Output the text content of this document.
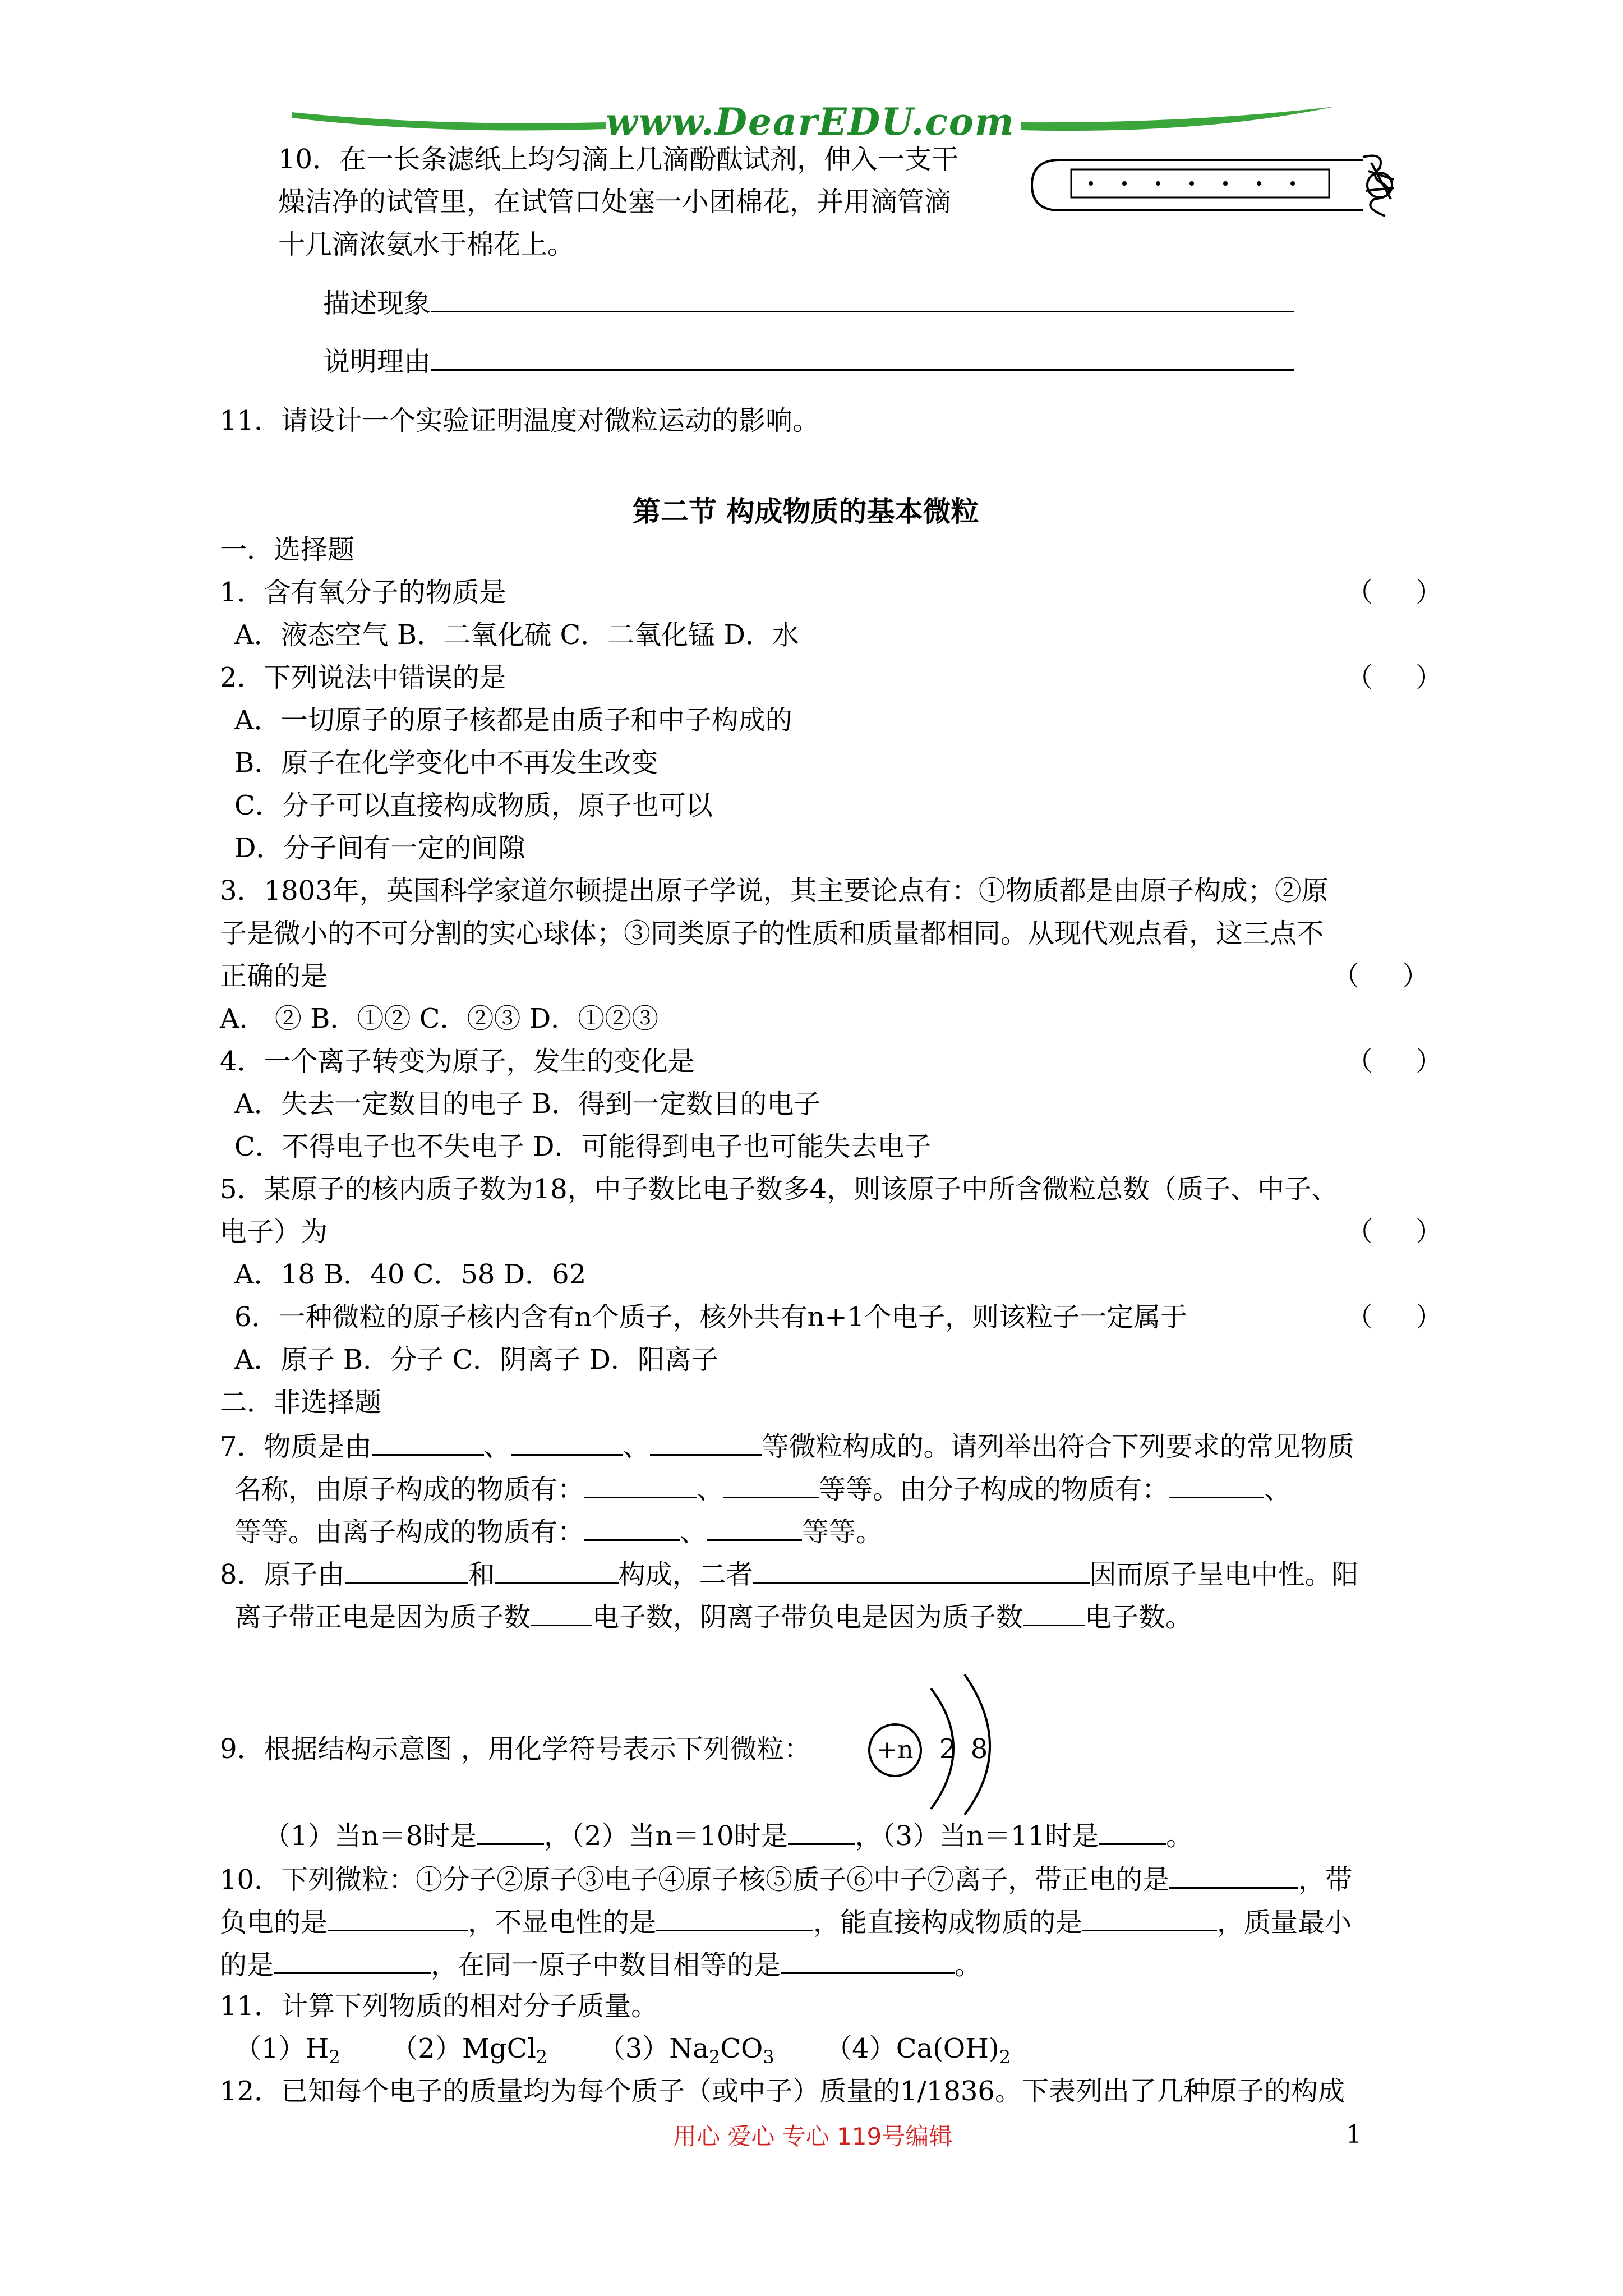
www.DearEDU.com
10．在一长条滤纸上均匀滴上几滴酚酞试剂，伸入一支干
燥洁净的试管里，在试管口处塞一小团棉花，并用滴管滴
十几滴浓氨水于棉花上。
描述现象
说明理由
11．请设计一个实验证明温度对微粒运动的影响。
第二节 构成物质的基本微粒
一．选择题
1．含有氧分子的物质是	（     ）
A．液态空气 B．二氧化硫 C．二氧化锰 D．水
2．下列说法中错误的是	（     ）
A．一切原子的原子核都是由质子和中子构成的
B．原子在化学变化中不再发生改变
C．分子可以直接构成物质，原子也可以
D．分子间有一定的间隙
3．1803年，英国科学家道尔顿提出原子学说，其主要论点有：①物质都是由原子构成；②原
子是微小的不可分割的实心球体；③同类原子的性质和质量都相同。从现代观点看，这三点不
正确的是	（     ）
A． ② B．①② C．②③ D．①②③
4．一个离子转变为原子，发生的变化是	（     ）
A．失去一定数目的电子 B．得到一定数目的电子
C．不得电子也不失电子 D．可能得到电子也可能失去电子
5．某原子的核内质子数为18，中子数比电子数多4，则该原子中所含微粒总数（质子、中子、
电子）为	（     ）
A．18 B．40 C．58 D．62
6．一种微粒的原子核内含有n个质子，核外共有n+1个电子，则该粒子一定属于	（     ）
A．原子 B．分子 C．阴离子 D．阳离子
二．非选择题
7．物质是由	、	、	等微粒构成的。请列举出符合下列要求的常见物质
名称，由原子构成的物质有：	、	等等。由分子构成的物质有：	、
等等。由离子构成的物质有：	、	等等。
8．原子由	和	构成，二者	因而原子呈电中性。阳
离子带正电是因为质子数 电子数，阴离子带负电是因为质子数 电子数。
9．根据结构示意图 ，用化学符号表示下列微粒：	+n 2 8
（1）当n＝8时是	，（2）当n＝10时是	，（3）当n＝11时是	。
10．下列微粒：①分子②原子③电子④原子核⑤质子⑥中子⑦离子，带正电的是	，带
负电的是	，不显电性的是	，能直接构成物质的是	，质量最小
的是	，在同一原子中数目相等的是	。
11．计算下列物质的相对分子质量。
$(1)H_2$ （2）MgCl$_2$ $(3)Na_2CO_3$ $(4)Ca(OH)_2$
12．已知每个电子的质量均为每个质子（或中子）质量的1/1836。下表列出了几种原子的构成
用心 爱心 专心 119号编辑	1
